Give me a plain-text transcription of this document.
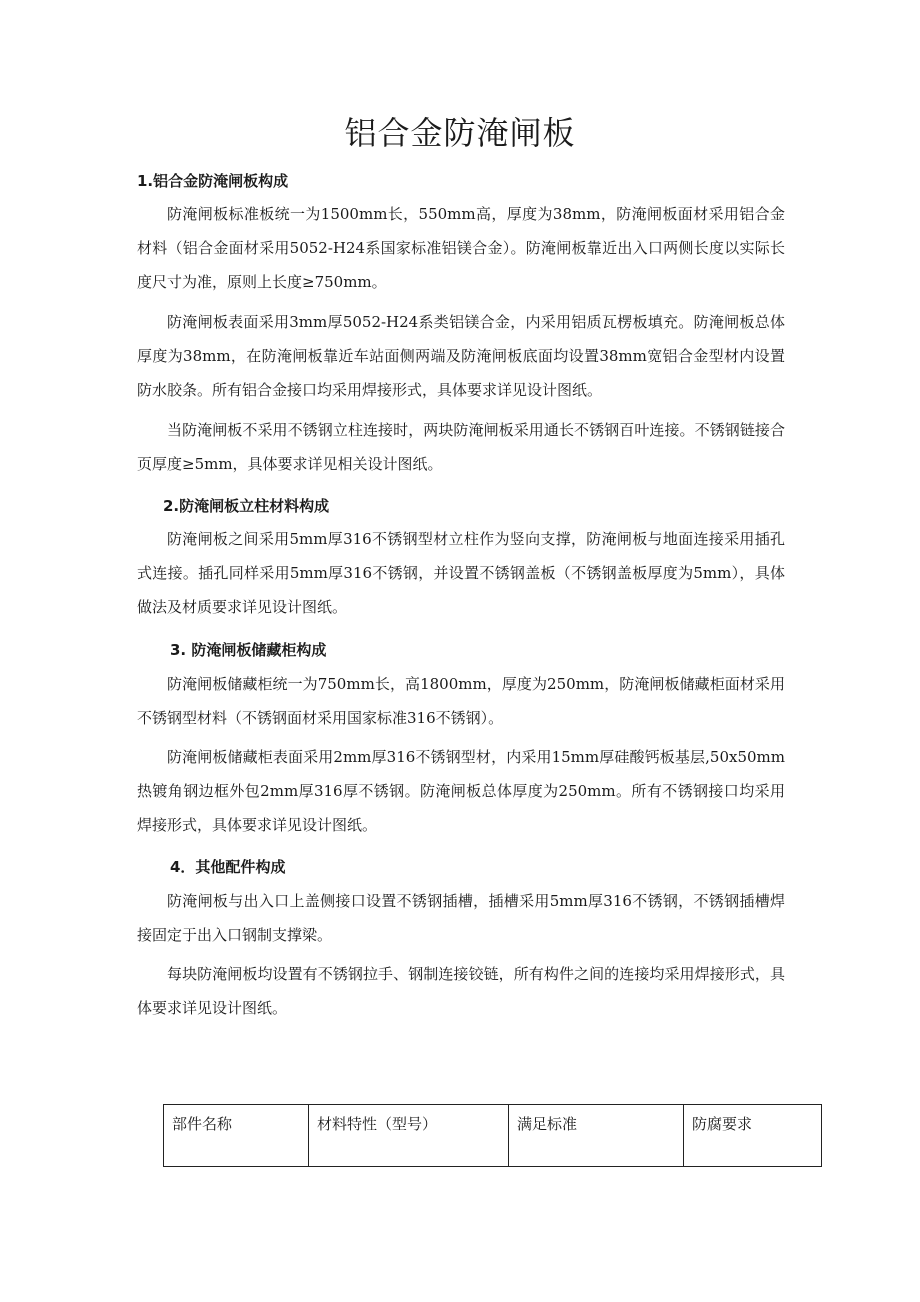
铝合金防淹闸板
1.铝合金防淹闸板构成

防淹闸板标准板统一为1500mm长，550mm高，厚度为38mm，防淹闸板面材采用铝合金材料（铝合金面材采用5052-H24系国家标准铝镁合金）。防淹闸板靠近出入口两侧长度以实际长度尺寸为准，原则上长度≥750mm。

防淹闸板表面采用3mm厚5052-H24系类铝镁合金，内采用铝质瓦楞板填充。防淹闸板总体厚度为38mm，在防淹闸板靠近车站面侧两端及防淹闸板底面均设置38mm宽铝合金型材内设置防水胶条。所有铝合金接口均采用焊接形式，具体要求详见设计图纸。

当防淹闸板不采用不锈钢立柱连接时，两块防淹闸板采用通长不锈钢百叶连接。不锈钢链接合页厚度≥5mm，具体要求详见相关设计图纸。

2.防淹闸板立柱材料构成

防淹闸板之间采用5mm厚316不锈钢型材立柱作为竖向支撑，防淹闸板与地面连接采用插孔式连接。插孔同样采用5mm厚316不锈钢，并设置不锈钢盖板（不锈钢盖板厚度为5mm），具体做法及材质要求详见设计图纸。

3. 防淹闸板储藏柜构成

防淹闸板储藏柜统一为750mm长，高1800mm，厚度为250mm，防淹闸板储藏柜面材采用不锈钢型材料（不锈钢面材采用国家标准316不锈钢）。

防淹闸板储藏柜表面采用2mm厚316不锈钢型材，内采用15mm厚硅酸钙板基层,50x50mm热镀角钢边框外包2mm厚316厚不锈钢。防淹闸板总体厚度为250mm。所有不锈钢接口均采用焊接形式，具体要求详见设计图纸。

4．其他配件构成

防淹闸板与出入口上盖侧接口设置不锈钢插槽，插槽采用5mm厚316不锈钢，不锈钢插槽焊接固定于出入口钢制支撑梁。

每块防淹闸板均设置有不锈钢拉手、钢制连接铰链，所有构件之间的连接均采用焊接形式，具体要求详见设计图纸。

部件名称	材料特性（型号）	满足标准	防腐要求
